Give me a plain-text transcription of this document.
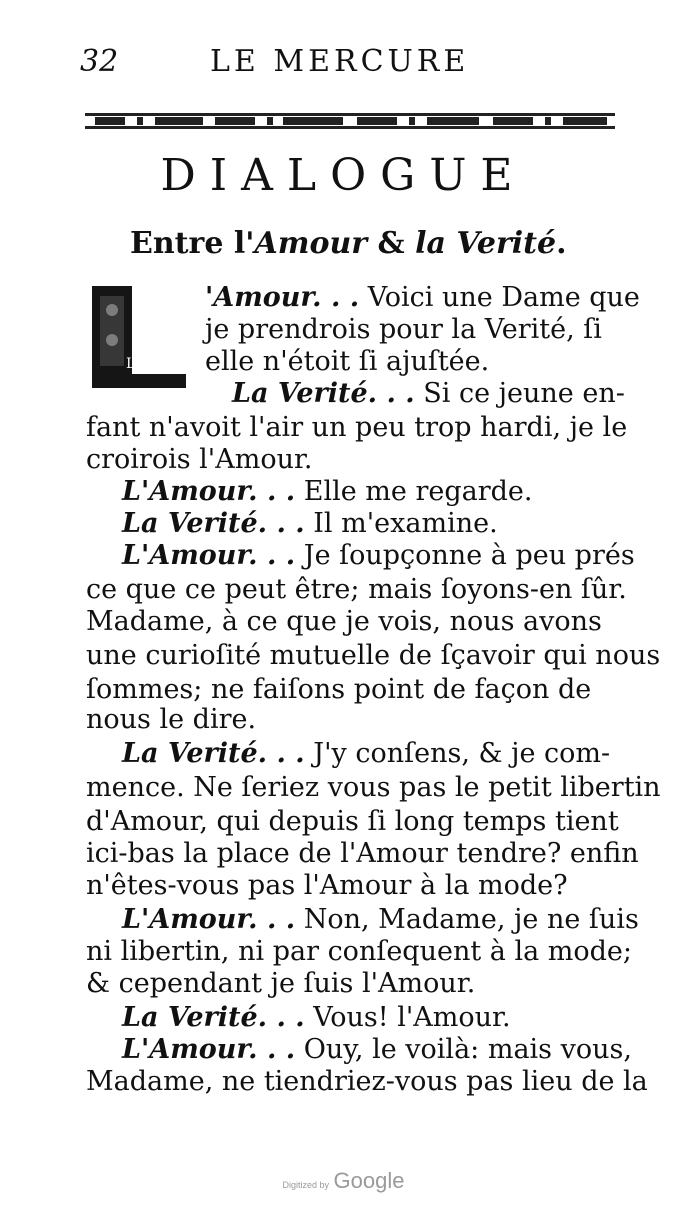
32	LE MERCURE
DIALOGUE
Entre l'Amour & la Verité.
L
'Amour. . . Voici une Dame que
je prendrois pour la Verité, ſi
elle n'étoit ſi ajuſtée.
La Verité. . . Si ce jeune en-
fant n'avoit l'air un peu trop hardi, je le
croirois l'Amour.
L'Amour. . . Elle me regarde.
La Verité. . . Il m'examine.
L'Amour. . . Je ſoupçonne à peu prés
ce que ce peut être; mais ſoyons-en ſûr.
Madame, à ce que je vois, nous avons
une curioſité mutuelle de ſçavoir qui nous
ſommes; ne faiſons point de façon de
nous le dire.
La Verité. . . J'y conſens, & je com-
mence. Ne ſeriez vous pas le petit libertin
d'Amour, qui depuis ſi long temps tient
ici-bas la place de l'Amour tendre? enfin
n'êtes-vous pas l'Amour à la mode?
L'Amour. . . Non, Madame, je ne ſuis
ni libertin, ni par conſequent à la mode;
& cependant je ſuis l'Amour.
La Verité. . . Vous! l'Amour.
L'Amour. . . Ouy, le voilà: mais vous,
Madame, ne tiendriez-vous pas lieu de la
Digitized by Google
